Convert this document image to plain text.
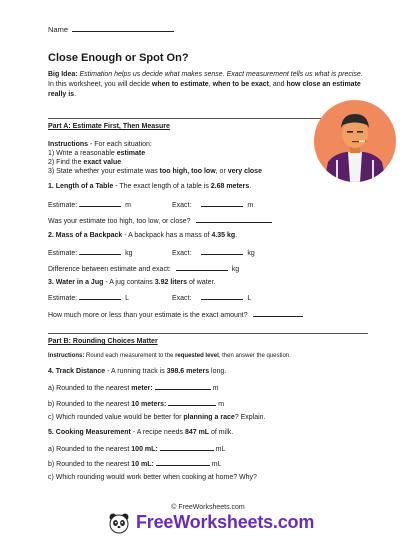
Name
Close Enough or Spot On?
Big Idea: Estimation helps us decide what makes sense. Exact measurement tells us what is precise. In this worksheet, you will decide when to estimate, when to be exact, and how close an estimate really is.
Part A: Estimate First, Then Measure
Instructions - For each situation:
1) Write a reasonable estimate
2) Find the exact value
3) State whether your estimate was too high, too low, or very close
1. Length of a Table - The exact length of a table is 2.68 meters.
Estimate:	m	Exact:	m
Was your estimate too high, too low, or close?
2. Mass of a Backpack - A backpack has a mass of 4.35 kg.
Estimate:	kg	Exact:	kg
Difference between estimate and exact:	kg
3. Water in a Jug - A jug contains 3.92 liters of water.
Estimate:	L	Exact:	L
How much more or less than your estimate is the exact amount?
Part B: Rounding Choices Matter
Instructions: Round each measurement to the requested level, then answer the question.
4. Track Distance - A running track is 398.6 meters long.
a) Rounded to the nearest meter:	m
b) Rounded to the nearest 10 meters:	m
c) Which rounded value would be better for planning a race? Explain.
5. Cooking Measurement - A recipe needs 847 mL of milk.
a) Rounded to the nearest 100 mL:	mL
b) Rounded to the nearest 10 mL:	mL
c) Which rounding would work better when cooking at home? Why?
© FreeWorksheets.com
FreeWorksheets.com
